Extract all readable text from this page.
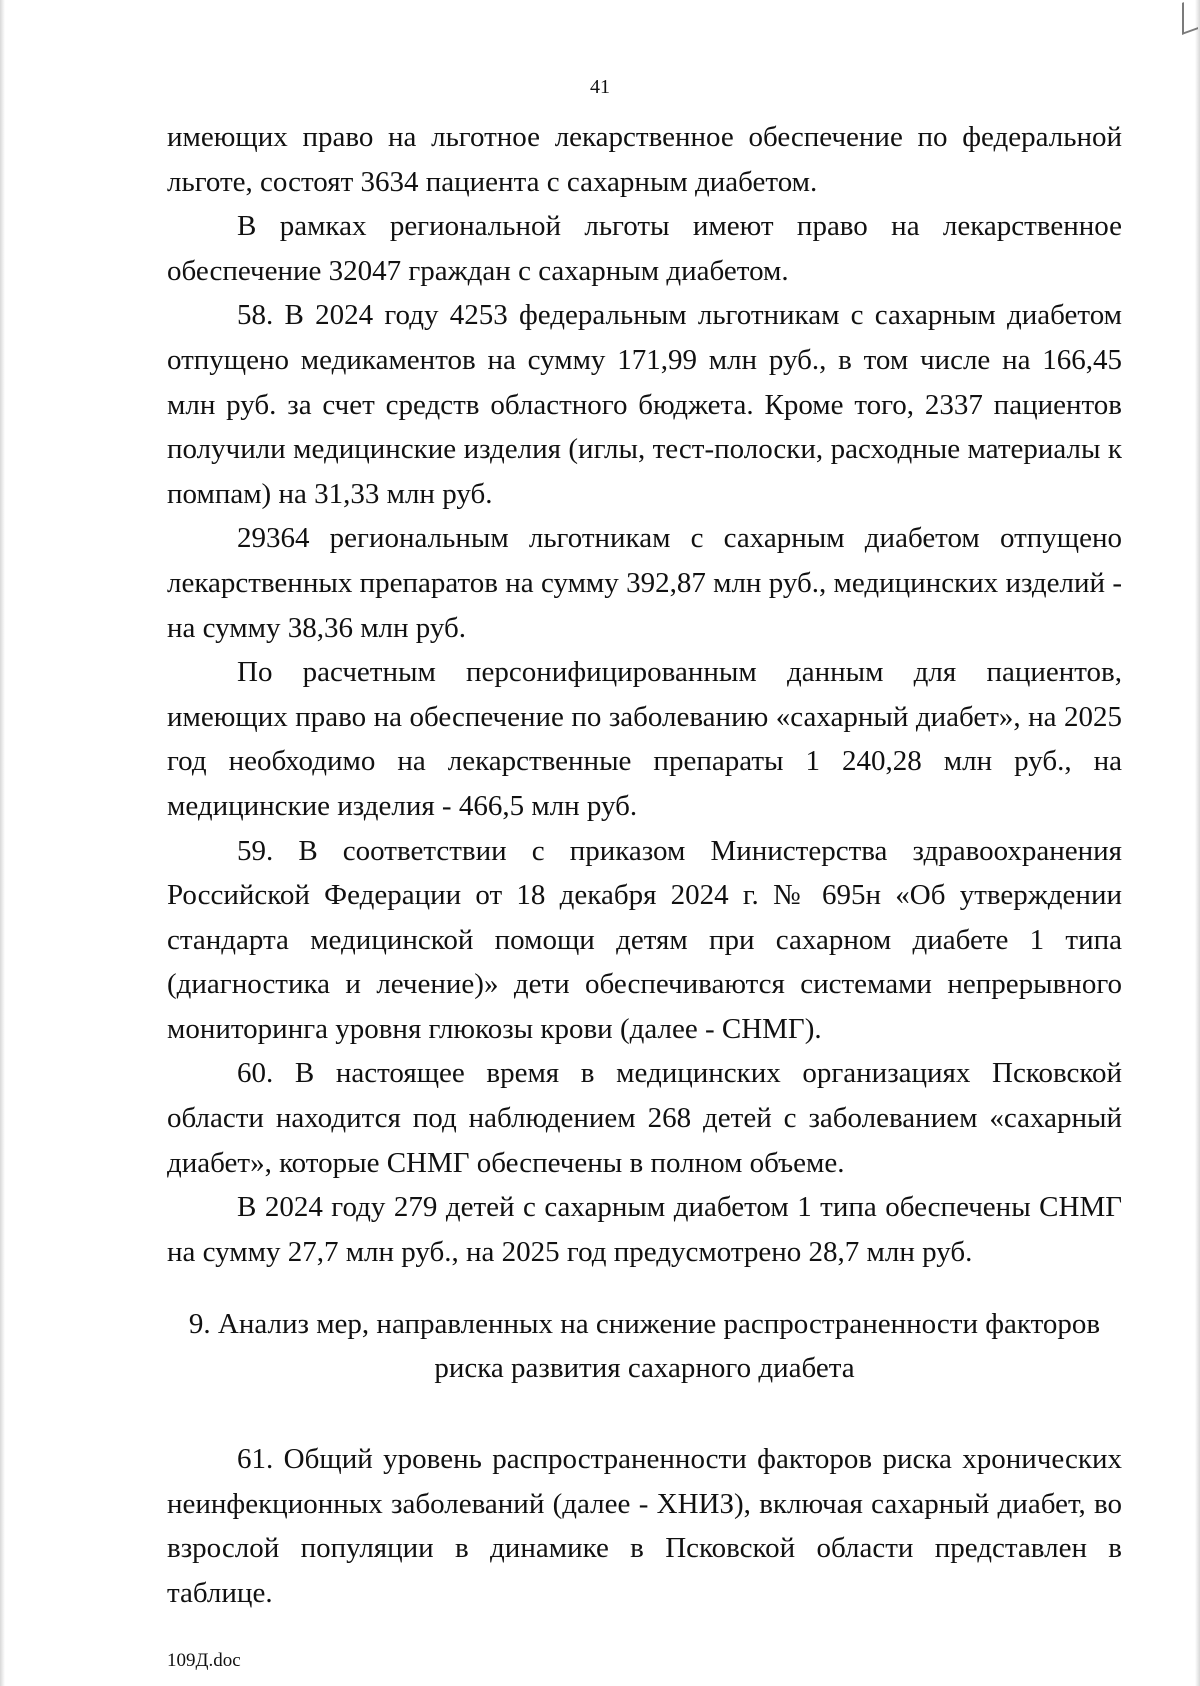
41

имеющих право на льготное лекарственное обеспечение по федеральной льготе, состоят 3634 пациента с сахарным диабетом.

В рамках региональной льготы имеют право на лекарственное обеспечение 32047 граждан с сахарным диабетом.

58. В 2024 году 4253 федеральным льготникам с сахарным диабетом отпущено медикаментов на сумму 171,99 млн руб., в том числе на 166,45 млн руб. за счет средств областного бюджета. Кроме того, 2337 пациентов получили медицинские изделия (иглы, тест-полоски, расходные материалы к помпам) на 31,33 млн руб.

29364 региональным льготникам с сахарным диабетом отпущено лекарственных препаратов на сумму 392,87 млн руб., медицинских изделий - на сумму 38,36 млн руб.

По расчетным персонифицированным данным для пациентов, имеющих право на обеспечение по заболеванию «сахарный диабет», на 2025 год необходимо на лекарственные препараты 1 240,28 млн руб., на медицинские изделия - 466,5 млн руб.

59. В соответствии с приказом Министерства здравоохранения Российской Федерации от 18 декабря 2024 г. № 695н «Об утверждении стандарта медицинской помощи детям при сахарном диабете 1 типа (диагностика и лечение)» дети обеспечиваются системами непрерывного мониторинга уровня глюкозы крови (далее - СНМГ).

60. В настоящее время в медицинских организациях Псковской области находится под наблюдением 268 детей с заболеванием «сахарный диабет», которые СНМГ обеспечены в полном объеме.

В 2024 году 279 детей с сахарным диабетом 1 типа обеспечены СНМГ на сумму 27,7 млн руб., на 2025 год предусмотрено 28,7 млн руб.

9. Анализ мер, направленных на снижение распространенности факторов
риска развития сахарного диабета

61. Общий уровень распространенности факторов риска хронических неинфекционных заболеваний (далее - ХНИЗ), включая сахарный диабет, во взрослой популяции в динамике в Псковской области представлен в таблице.

109Д.doc
